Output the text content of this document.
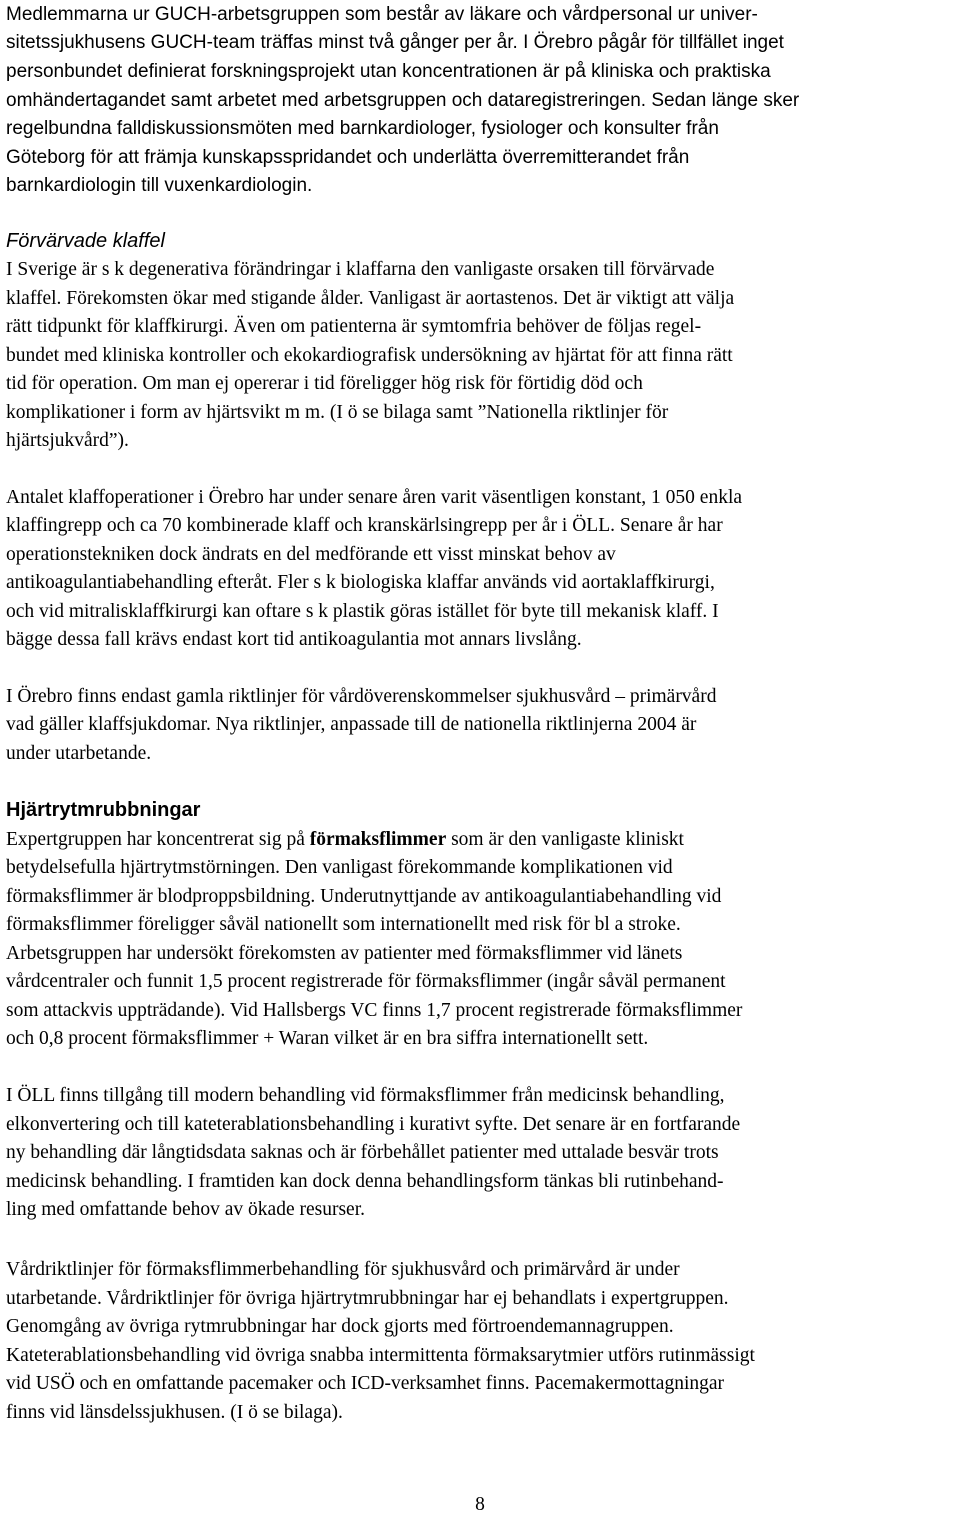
Medlemmarna ur GUCH-arbetsgruppen som består av läkare och vårdpersonal ur univer-
sitetssjukhusens GUCH-team träffas minst två gånger per år. I Örebro pågår för tillfället inget
personbundet definierat forskningsprojekt utan koncentrationen är på kliniska och praktiska
omhändertagandet samt arbetet med arbetsgruppen och dataregistreringen. Sedan länge sker
regelbundna falldiskussionsmöten med barnkardiologer, fysiologer och konsulter från
Göteborg för att främja kunskapsspridandet och underlätta överremitterandet från
barnkardiologin till vuxenkardiologin.
Förvärvade klaffel
I Sverige är s k degenerativa förändringar i klaffarna den vanligaste orsaken till förvärvade
klaffel. Förekomsten ökar med stigande ålder. Vanligast är aortastenos. Det är viktigt att välja
rätt tidpunkt för klaffkirurgi. Även om patienterna är symtomfria behöver de följas regel-
bundet med kliniska kontroller och ekokardiografisk undersökning av hjärtat för att finna rätt
tid för operation. Om man ej opererar i tid föreligger hög risk för förtidig död och
komplikationer i form av hjärtsvikt m m. (I ö se bilaga samt ”Nationella riktlinjer för
hjärtsjukvård”).
Antalet klaffoperationer i Örebro har under senare åren varit väsentligen konstant, 1 050 enkla
klaffingrepp och ca 70 kombinerade klaff och kranskärlsingrepp per år i ÖLL. Senare år har
operationstekniken dock ändrats en del medförande ett visst minskat behov av
antikoagulantiabehandling efteråt. Fler s k biologiska klaffar används vid aortaklaffkirurgi,
och vid mitralisklaffkirurgi kan oftare s k plastik göras istället för byte till mekanisk klaff. I
bägge dessa fall krävs endast kort tid antikoagulantia mot annars livslång.
I Örebro finns endast gamla riktlinjer för vårdöverenskommelser sjukhusvård – primärvård
vad gäller klaffsjukdomar. Nya riktlinjer, anpassade till de nationella riktlinjerna 2004 är
under utarbetande.
Hjärtrytmrubbningar
Expertgruppen har koncentrerat sig på förmaksflimmer som är den vanligaste kliniskt
betydelsefulla hjärtrytmstörningen. Den vanligast förekommande komplikationen vid
förmaksflimmer är blodproppsbildning. Underutnyttjande av antikoagulantiabehandling vid
förmaksflimmer föreligger såväl nationellt som internationellt med risk för bl a stroke.
Arbetsgruppen har undersökt förekomsten av patienter med förmaksflimmer vid länets
vårdcentraler och funnit 1,5 procent registrerade för förmaksflimmer (ingår såväl permanent
som attackvis uppträdande). Vid Hallsbergs VC finns 1,7 procent registrerade förmaksflimmer
och 0,8 procent förmaksflimmer + Waran vilket är en bra siffra internationellt sett.
I ÖLL finns tillgång till modern behandling vid förmaksflimmer från medicinsk behandling,
elkonvertering och till kateterablationsbehandling i kurativt syfte. Det senare är en fortfarande
ny behandling där långtidsdata saknas och är förbehållet patienter med uttalade besvär trots
medicinsk behandling. I framtiden kan dock denna behandlingsform tänkas bli rutinbehand-
ling med omfattande behov av ökade resurser.
Vårdriktlinjer för förmaksflimmerbehandling för sjukhusvård och primärvård är under
utarbetande. Vårdriktlinjer för övriga hjärtrytmrubbningar har ej behandlats i expertgruppen.
Genomgång av övriga rytmrubbningar har dock gjorts med förtroendemannagruppen.
Kateterablationsbehandling vid övriga snabba intermittenta förmaksarytmier utförs rutinmässigt
vid USÖ och en omfattande pacemaker och ICD-verksamhet finns. Pacemakermottagningar
finns vid länsdelssjukhusen. (I ö se bilaga).
8
